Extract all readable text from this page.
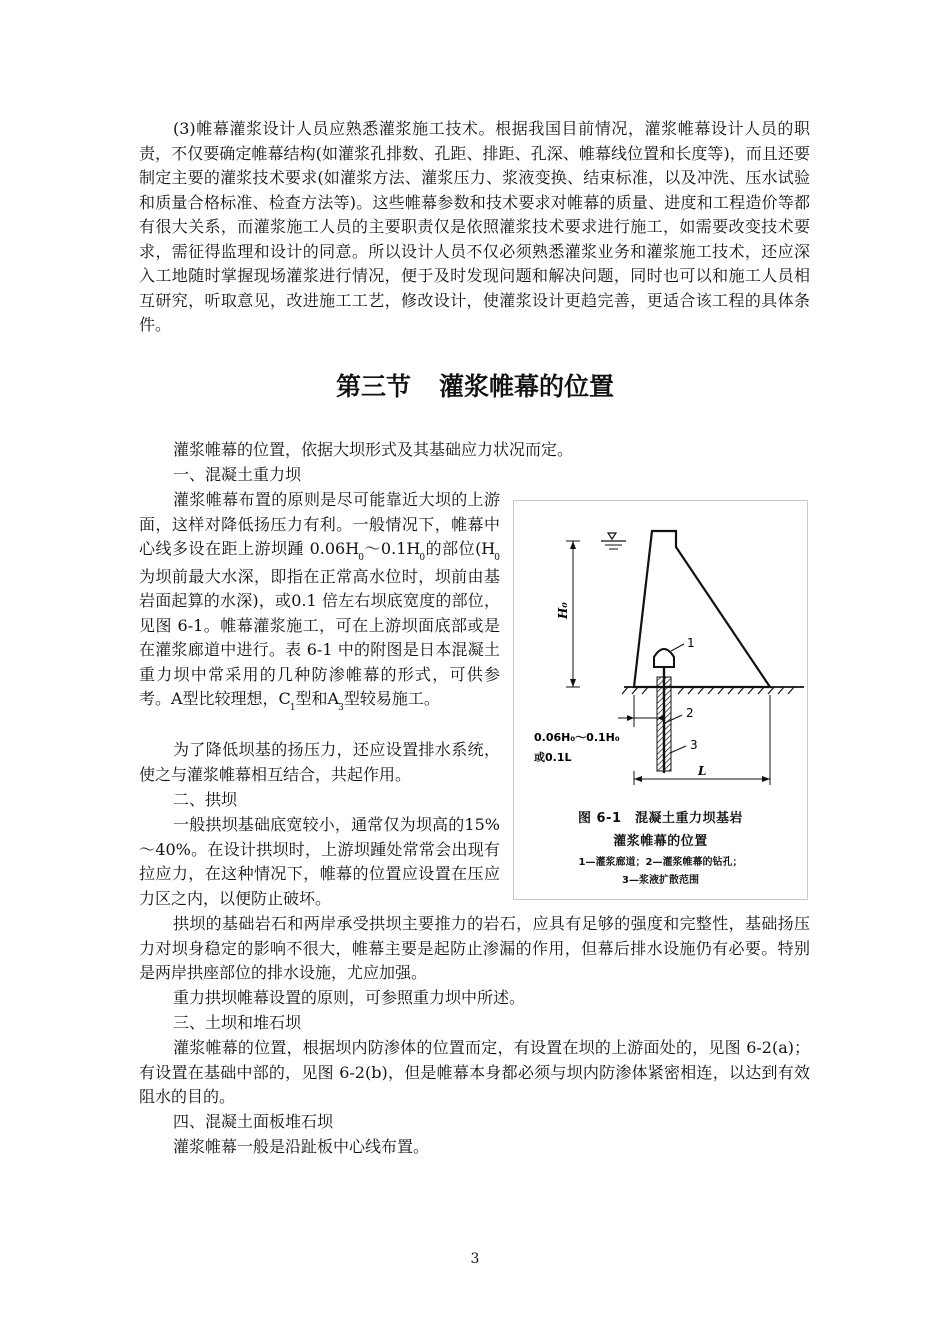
(3)帷幕灌浆设计人员应熟悉灌浆施工技术。根据我国目前情况，灌浆帷幕设计人员的职责，不仅要确定帷幕结构(如灌浆孔排数、孔距、排距、孔深、帷幕线位置和长度等)，而且还要制定主要的灌浆技术要求(如灌浆方法、灌浆压力、浆液变换、结束标准，以及冲洗、压水试验和质量合格标准、检查方法等)。这些帷幕参数和技术要求对帷幕的质量、进度和工程造价等都有很大关系，而灌浆施工人员的主要职责仅是依照灌浆技术要求进行施工，如需要改变技术要求，需征得监理和设计的同意。所以设计人员不仅必须熟悉灌浆业务和灌浆施工技术，还应深入工地随时掌握现场灌浆进行情况，便于及时发现问题和解决问题，同时也可以和施工人员相互研究，听取意见，改进施工工艺，修改设计，使灌浆设计更趋完善，更适合该工程的具体条件。

第三节 灌浆帷幕的位置

灌浆帷幕的位置，依据大坝形式及其基础应力状况而定。

一、混凝土重力坝

灌浆帷幕布置的原则是尽可能靠近大坝的上游面，这样对降低扬压力有利。一般情况下，帷幕中心线多设在距上游坝踵 $0.06H_0\sim 0.1H_0$的部位($H_0$为坝前最大水深，即指在正常高水位时，坝前由基岩面起算的水深)，或0.1 倍左右坝底宽度的部位，见图 6-1。帷幕灌浆施工，可在上游坝面底部或是在灌浆廊道中进行。表 6-1 中的附图是日本混凝土重力坝中常采用的几种防渗帷幕的形式，可供参考。A型比较理想，$C_1$型和$A_3$型较易施工。

为了降低坝基的扬压力，还应设置排水系统，使之与灌浆帷幕相互结合，共起作用。

二、拱坝

一般拱坝基础底宽较小，通常仅为坝高的15%～40%。在设计拱坝时，上游坝踵处常常会出现有拉应力，在这种情况下，帷幕的位置应设置在压应力区之内，以便防止破坏。

拱坝的基础岩石和两岸承受拱坝主要推力的岩石，应具有足够的强度和完整性，基础扬压力对坝身稳定的影响不很大，帷幕主要是起防止渗漏的作用，但幕后排水设施仍有必要。特别是两岸拱座部位的排水设施，尤应加强。

重力拱坝帷幕设置的原则，可参照重力坝中所述。

三、土坝和堆石坝

灌浆帷幕的位置，根据坝内防渗体的位置而定，有设置在坝的上游面处的，见图 6-2(a)；有设置在基础中部的，见图 6-2(b)，但是帷幕本身都必须与坝内防渗体紧密相连，以达到有效阻水的目的。

四、混凝土面板堆石坝

灌浆帷幕一般是沿趾板中心线布置。

H₀
1
2
3
0.06H₀～0.1H₀
或0.1L
L
图 6-1　混凝土重力坝基岩
灌浆帷幕的位置
1—灌浆廊道；2—灌浆帷幕的钻孔；
3—浆液扩散范围
3
